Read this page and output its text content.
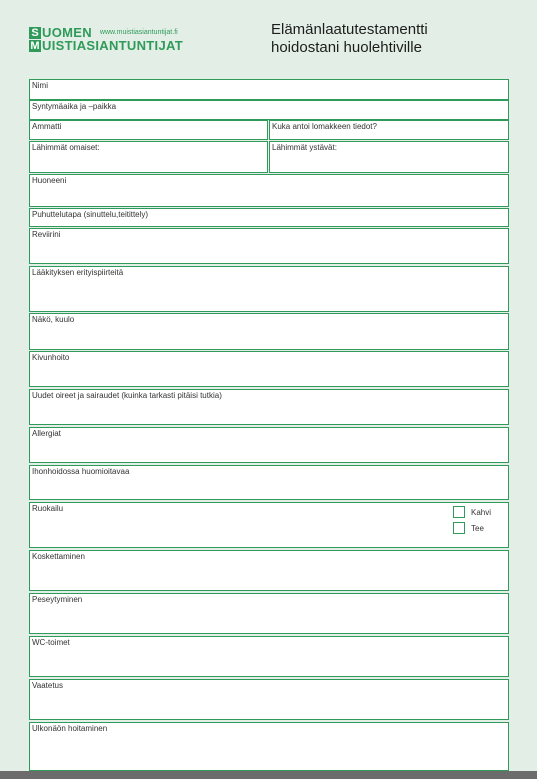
S UOMEN www.muistiasiantuntijat.fi
M UISTIASIANTUNTIJAT
Elämänlaatutestamentti
hoidostani huolehtiville
Nimi
Syntymäaika ja –paikka
Ammatti	Kuka antoi lomakkeen tiedot?
Lähimmät omaiset:	Lähimmät ystävät:
Huoneeni
Puhuttelutapa (sinuttelu,teitittely)
Reviirini
Lääkityksen erityispiirteitä
Näkö, kuulo
Kivunhoito
Uudet oireet ja sairaudet (kuinka tarkasti pitäisi tutkia)
Allergiat
Ihonhoidossa huomioitavaa
Ruokailu	Kahvi
Tee
Koskettaminen
Peseytyminen
WC-toimet
Vaatetus
Ulkonäön hoitaminen
